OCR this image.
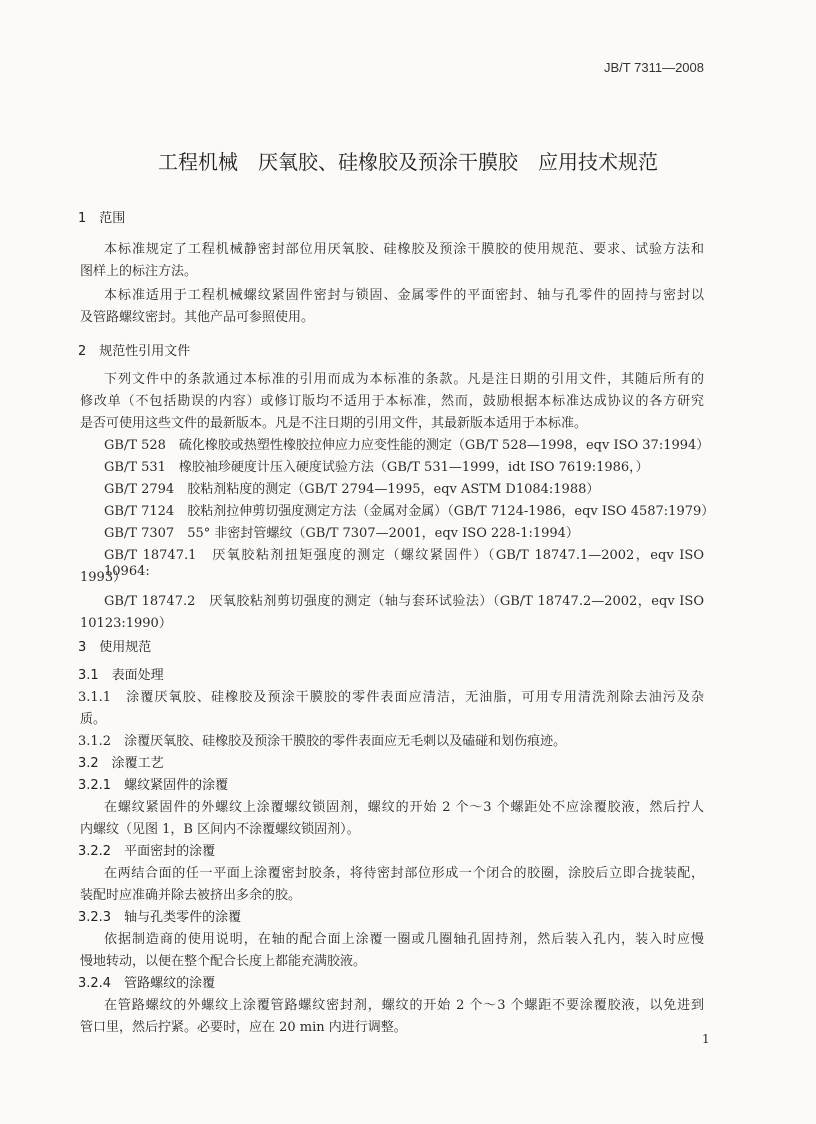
JB/T 7311—2008
工程机械　厌氧胶、硅橡胶及预涂干膜胶　应用技术规范
1　范围
本标准规定了工程机械静密封部位用厌氧胶、硅橡胶及预涂干膜胶的使用规范、要求、试验方法和
图样上的标注方法。
本标准适用于工程机械螺纹紧固件密封与锁固、金属零件的平面密封、轴与孔零件的固持与密封以
及管路螺纹密封。其他产品可参照使用。
2　规范性引用文件
下列文件中的条款通过本标准的引用而成为本标准的条款。凡是注日期的引用文件，其随后所有的
修改单（不包括勘误的内容）或修订版均不适用于本标准，然而，鼓励根据本标准达成协议的各方研究
是否可使用这些文件的最新版本。凡是不注日期的引用文件，其最新版本适用于本标准。
GB/T 528　硫化橡胶或热塑性橡胶拉伸应力应变性能的测定（GB/T 528—1998，eqv ISO 37:1994）
GB/T 531　橡胶袖珍硬度计压入硬度试验方法（GB/T 531—1999，idt ISO 7619:1986，）
GB/T 2794　胶粘剂粘度的测定（GB/T 2794—1995，eqv ASTM D1084:1988）
GB/T 7124　胶粘剂拉伸剪切强度测定方法（金属对金属）（GB/T 7124-1986，eqv ISO 4587:1979）
GB/T 7307　55° 非密封管螺纹（GB/T 7307—2001，eqv ISO 228-1:1994）
GB/T 18747.1　厌氧胶粘剂扭矩强度的测定（螺纹紧固件）（GB/T 18747.1—2002，eqv ISO 10964:
1993）
GB/T 18747.2　厌氧胶粘剂剪切强度的测定（轴与套环试验法）（GB/T 18747.2—2002，eqv ISO
10123:1990）
3　使用规范
3.1　表面处理
3.1.1　涂覆厌氧胶、硅橡胶及预涂干膜胶的零件表面应清洁，无油脂，可用专用清洗剂除去油污及杂
质。
3.1.2　涂覆厌氧胶、硅橡胶及预涂干膜胶的零件表面应无毛刺以及磕碰和划伤痕迹。
3.2　涂覆工艺
3.2.1　螺纹紧固件的涂覆
在螺纹紧固件的外螺纹上涂覆螺纹锁固剂，螺纹的开始 2 个～3 个螺距处不应涂覆胶液，然后拧人
内螺纹（见图 1，B 区间内不涂覆螺纹锁固剂）。
3.2.2　平面密封的涂覆
在两结合面的任一平面上涂覆密封胶条，将待密封部位形成一个闭合的胶圈，涂胶后立即合拢装配，
装配时应准确并除去被挤出多余的胶。
3.2.3　轴与孔类零件的涂覆
依据制造商的使用说明，在轴的配合面上涂覆一圈或几圈轴孔固持剂，然后装入孔内，装入时应慢
慢地转动，以便在整个配合长度上都能充满胶液。
3.2.4　管路螺纹的涂覆
在管路螺纹的外螺纹上涂覆管路螺纹密封剂，螺纹的开始 2 个～3 个螺距不要涂覆胶液，以免进到
管口里，然后拧紧。必要时，应在 20 min 内进行调整。
1
